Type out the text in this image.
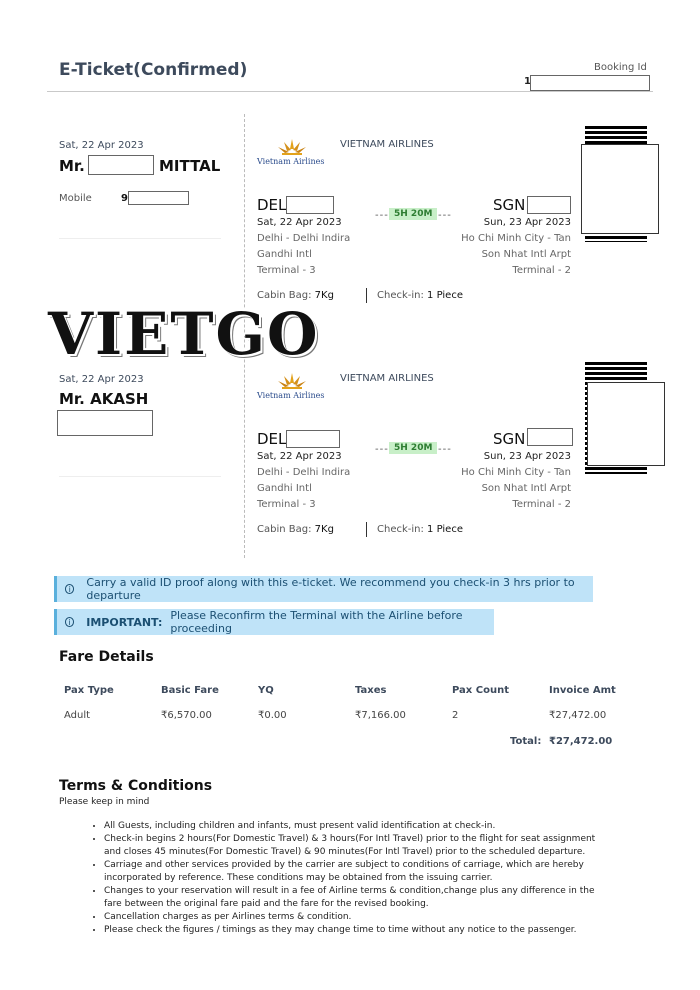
E-Ticket(Confirmed)	Booking Id
1
Sat, 22 Apr 2023
Mr.	MITTAL
Mobile	9
Vietnam Airlines
VIETNAM AIRLINES
DEL
Sat, 22 Apr 2023
Delhi - Delhi Indira
Gandhi Intl
Terminal - 3
--- 5H 20M ---
SGN
Sun, 23 Apr 2023
Ho Chi Minh City - Tan
Son Nhat Intl Arpt
Terminal - 2
Cabin Bag: 7Kg	Check-in: 1 Piece
VIETGO
Sat, 22 Apr 2023
Mr. AKASH	Vietnam Airlines
VIETNAM AIRLINES
DEL
Sat, 22 Apr 2023
Delhi - Delhi Indira
Gandhi Intl
Terminal - 3
--- 5H 20M ---
SGN
Sun, 23 Apr 2023
Ho Chi Minh City - Tan
Son Nhat Intl Arpt
Terminal - 2
Cabin Bag: 7Kg	Check-in: 1 Piece
i	Carry a valid ID proof along with this e-ticket. We recommend you check-in 3 hrs prior to departure
i	IMPORTANT: Please Reconfirm the Terminal with the Airline before proceeding
Fare Details
Pax Type	Basic Fare	YQ	Taxes	Pax Count	Invoice Amt
Adult	₹6,570.00	₹0.00	₹7,166.00	2	₹27,472.00
Total: ₹27,472.00
Terms & Conditions
Please keep in mind
• All Guests, including children and infants, must present valid identification at check-in.
• Check-in begins 2 hours(For Domestic Travel) & 3 hours(For Intl Travel) prior to the flight for seat assignment and closes 45 minutes(For Domestic Travel) & 90 minutes(For Intl Travel) prior to the scheduled departure.
• Carriage and other services provided by the carrier are subject to conditions of carriage, which are hereby incorporated by reference. These conditions may be obtained from the issuing carrier.
• Changes to your reservation will result in a fee of Airline terms & condition,change plus any difference in the fare between the original fare paid and the fare for the revised booking.
• Cancellation charges as per Airlines terms & condition.
• Please check the figures / timings as they may change time to time without any notice to the passenger.
